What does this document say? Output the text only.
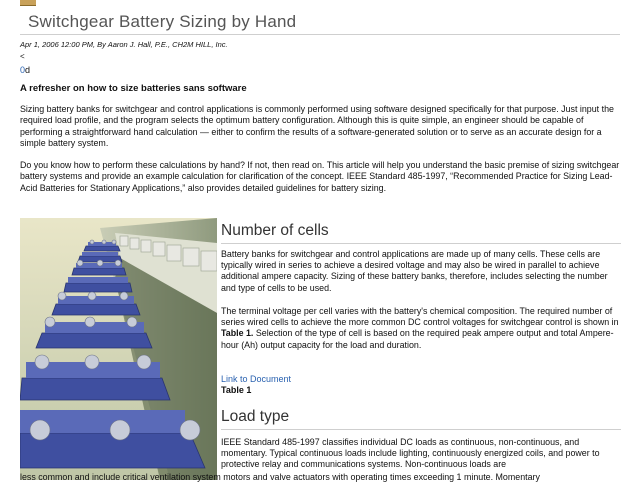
Switchgear Battery Sizing by Hand
Apr 1, 2006 12:00 PM, By Aaron J. Hall, P.E., CH2M HILL, Inc.
<
0d
A refresher on how to size batteries sans software
Sizing battery banks for switchgear and control applications is commonly performed using software designed specifically for that purpose. Just input the required load profile, and the program selects the optimum battery configuration. Although this is quite simple, an engineer should be capable of performing a straightforward hand calculation — either to confirm the results of a software-generated solution or to serve as an accurate design for a simple battery system.
Do you know how to perform these calculations by hand? If not, then read on. This article will help you understand the basic premise of sizing switchgear battery systems and provide an example calculation for clarification of the concept. IEEE Standard 485-1997, “Recommended Practice for Sizing Lead-Acid Batteries for Stationary Applications,” also provides detailed guidelines for battery sizing.
Number of cells
Battery banks for switchgear and control applications are made up of many cells. These cells are typically wired in series to achieve a desired voltage and may also be wired in parallel to achieve additional ampere capacity. Sizing of these battery banks, therefore, includes selecting the number and type of cells to be used.
The terminal voltage per cell varies with the battery's chemical composition. The required number of series wired cells to achieve the more common DC control voltages for switchgear control is shown in Table 1. Selection of the type of cell is based on the required peak ampere output and total Ampere-hour (Ah) output capacity for the load and duration.
Link to Document
Table 1
Load type
IEEE Standard 485-1997 classifies individual DC loads as continuous, non-continuous, and momentary. Typical continuous loads include lighting, continuously energized coils, and power to protective relay and communications systems. Non-continuous loads are
less common and include critical ventilation system motors and valve actuators with operating times exceeding 1 minute. Momentary
